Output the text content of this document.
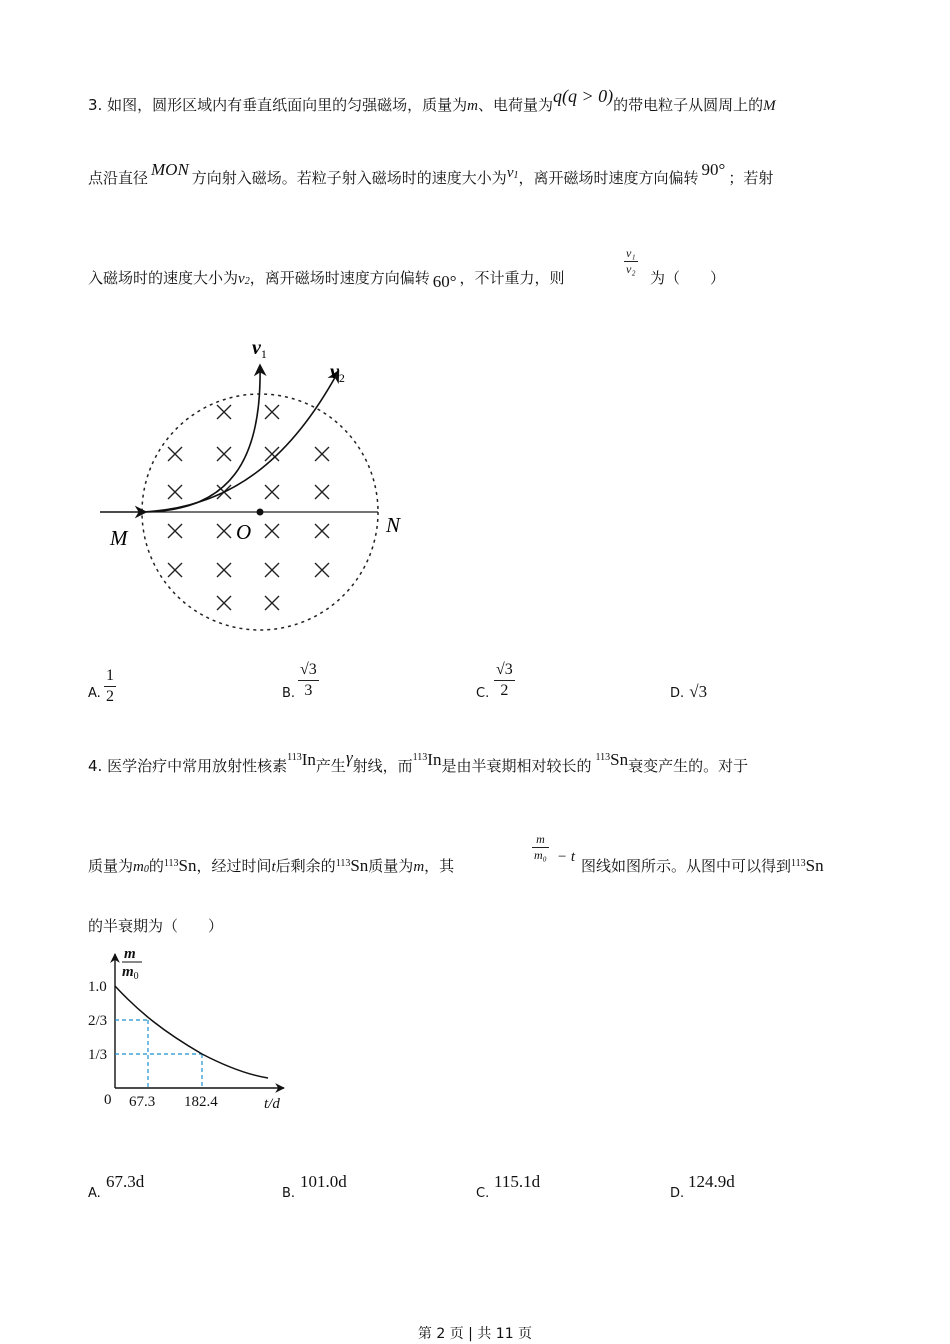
3. 如图，圆形区域内有垂直纸面向里的匀强磁场，质量为m、电荷量为q(q > 0)的带电粒子从圆周上的M
点沿直径 MON 方向射入磁场。若粒子射入磁场时的速度大小为$v_1$，离开磁场时速度方向偏转 90° ；若射
入磁场时的速度大小为$v_2$，离开磁场时速度方向偏转 60° ，不计重力，则
$\frac{\text{v₁}}{\text{v₂}}$
为（　　）
$v_1$
$v_2$
M	O	N
A. $\frac{1}{2}$	B. $\frac{√3}{3}$	C. $\frac{√3}{2}$	D. √3
4. 医学治疗中常用放射性核素$^{113}$In产生γ射线，而$^{113}$In是由半衰期相对较长的 $^{113}$Sn衰变产生的。对于
质量为$m_0$的$^{113}$Sn，经过时间t后剩余的$^{113}$Sn质量为m，其
$\frac{m}{\text{m₀}} - t$ 图线如图所示。从图中可以得到$^{113}$Sn
的半衰期为（　　）
m
$m_0$
1.0
2/3
1/3
0 67.3 182.4	t/d
A.
67.3d
B.
101.0d
C.
115.1d
D.
124.9d
第 2 页 | 共 11 页
